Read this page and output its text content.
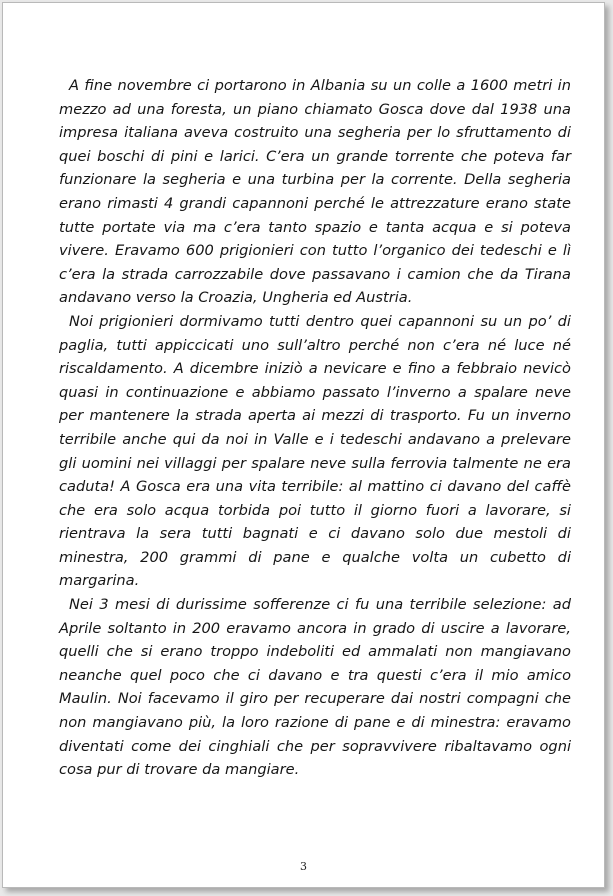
A fine novembre ci portarono in Albania su un colle a 1600 metri in mezzo ad una foresta, un piano chiamato Gosca dove dal 1938 una impresa italiana aveva costruito una segheria per lo sfruttamento di quei boschi di pini e larici. C’era un grande torrente che poteva far funzionare la segheria e una turbina per la corrente. Della segheria erano rimasti 4 grandi capannoni perché le attrezzature erano state tutte portate via ma c’era tanto spazio e tanta acqua e si poteva vivere. Eravamo 600 prigionieri con tutto l’organico dei tedeschi e lì c’era la strada carrozzabile dove passavano i camion che da Tirana andavano verso la Croazia, Ungheria ed Austria.

Noi prigionieri dormivamo tutti dentro quei capannoni su un po’ di paglia, tutti appiccicati uno sull’altro perché non c’era né luce né riscaldamento. A dicembre iniziò a nevicare e fino a febbraio nevicò quasi in continuazione e abbiamo passato l’inverno a spalare neve per mantenere la strada aperta ai mezzi di trasporto. Fu un inverno terribile anche qui da noi in Valle e i tedeschi andavano a prelevare gli uomini nei villaggi per spalare neve sulla ferrovia talmente ne era caduta! A Gosca era una vita terribile: al mattino ci davano del caffè che era solo acqua torbida poi tutto il giorno fuori a lavorare, si rientrava la sera tutti bagnati e ci davano solo due mestoli di minestra, 200 grammi di pane e qualche volta un cubetto di margarina.

Nei 3 mesi di durissime sofferenze ci fu una terribile selezione: ad Aprile soltanto in 200 eravamo ancora in grado di uscire a lavorare, quelli che si erano troppo indeboliti ed ammalati non mangiavano neanche quel poco che ci davano e tra questi c’era il mio amico Maulin. Noi facevamo il giro per recuperare dai nostri compagni che non mangiavano più, la loro razione di pane e di minestra: eravamo diventati come dei cinghiali che per sopravvivere ribaltavamo ogni cosa pur di trovare da mangiare.

3
